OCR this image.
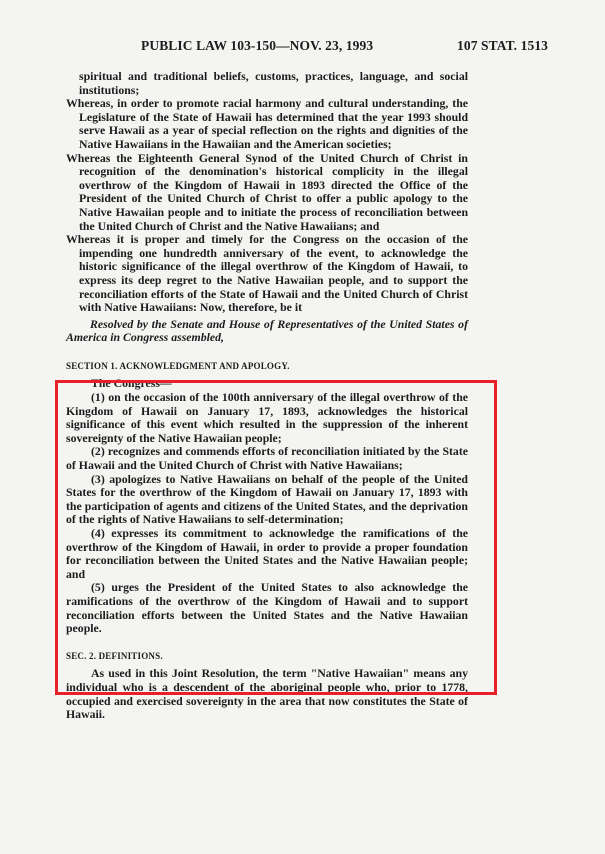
PUBLIC LAW 103-150—NOV. 23, 1993	107 STAT. 1513

spiritual and traditional beliefs, customs, practices, language, and social institutions;

Whereas, in order to promote racial harmony and cultural understanding, the Legislature of the State of Hawaii has determined that the year 1993 should serve Hawaii as a year of special reflection on the rights and dignities of the Native Hawaiians in the Hawaiian and the American societies;

Whereas the Eighteenth General Synod of the United Church of Christ in recognition of the denomination's historical complicity in the illegal overthrow of the Kingdom of Hawaii in 1893 directed the Office of the President of the United Church of Christ to offer a public apology to the Native Hawaiian people and to initiate the process of reconciliation between the United Church of Christ and the Native Hawaiians; and

Whereas it is proper and timely for the Congress on the occasion of the impending one hundredth anniversary of the event, to acknowledge the historic significance of the illegal overthrow of the Kingdom of Hawaii, to express its deep regret to the Native Hawaiian people, and to support the reconciliation efforts of the State of Hawaii and the United Church of Christ with Native Hawaiians: Now, therefore, be it

Resolved by the Senate and House of Representatives of the United States of America in Congress assembled,

SECTION 1. ACKNOWLEDGMENT AND APOLOGY.

The Congress—

(1) on the occasion of the 100th anniversary of the illegal overthrow of the Kingdom of Hawaii on January 17, 1893, acknowledges the historical significance of this event which resulted in the suppression of the inherent sovereignty of the Native Hawaiian people;

(2) recognizes and commends efforts of reconciliation initiated by the State of Hawaii and the United Church of Christ with Native Hawaiians;

(3) apologizes to Native Hawaiians on behalf of the people of the United States for the overthrow of the Kingdom of Hawaii on January 17, 1893 with the participation of agents and citizens of the United States, and the deprivation of the rights of Native Hawaiians to self-determination;

(4) expresses its commitment to acknowledge the ramifications of the overthrow of the Kingdom of Hawaii, in order to provide a proper foundation for reconciliation between the United States and the Native Hawaiian people; and

(5) urges the President of the United States to also acknowledge the ramifications of the overthrow of the Kingdom of Hawaii and to support reconciliation efforts between the United States and the Native Hawaiian people.

SEC. 2. DEFINITIONS.

As used in this Joint Resolution, the term "Native Hawaiian" means any individual who is a descendent of the aboriginal people who, prior to 1778, occupied and exercised sovereignty in the area that now constitutes the State of Hawaii.
